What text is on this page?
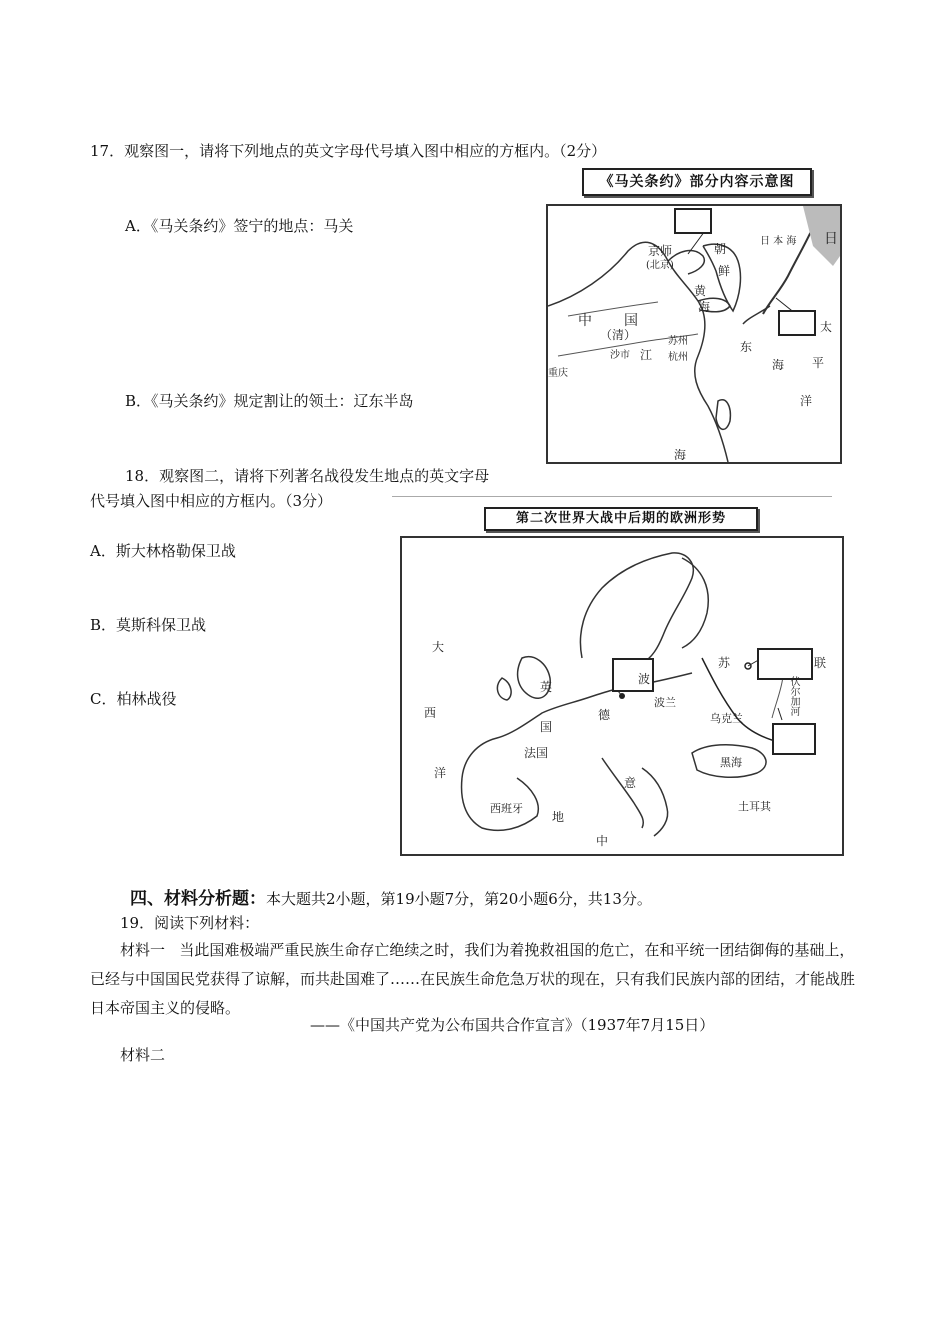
17．观察图一，请将下列地点的英文字母代号填入图中相应的方框内。（2分）
A．《马关条约》签宁的地点：马关
B．《马关条约》规定割让的领土：辽东半岛
京师
(北京)
中 国
（清）
朝
鲜
日 本 海 日
黄
海
苏州
杭州
沙市 江
重庆
东
海
太
平
洋
海
《马关条约》部分内容示意图
18．观察图二，请将下列著名战役发生地点的英文字母
代号填入图中相应的方框内。（3分）
A．斯大林格勒保卫战
B．莫斯科保卫战
C．柏林战役
第二次世界大战中后期的欧洲形势
大
西
洋
英
国
法国
西班牙
苏	联
乌克兰
德
波兰
意
地
中
土耳其
黑海
波	伏尔加河
四、材料分析题：本大题共2小题，第19小题7分，第20小题6分，共13分。
19．阅读下列材料：
材料一 当此国难极端严重民族生命存亡绝续之时，我们为着挽救祖国的危亡，在和平统一团结御侮的基础上，已经与中国国民党获得了谅解，而共赴国难了……在民族生命危急万状的现在，只有我们民族内部的团结，才能战胜日本帝国主义的侵略。
——《中国共产党为公布国共合作宣言》（1937年7月15日）
材料二
